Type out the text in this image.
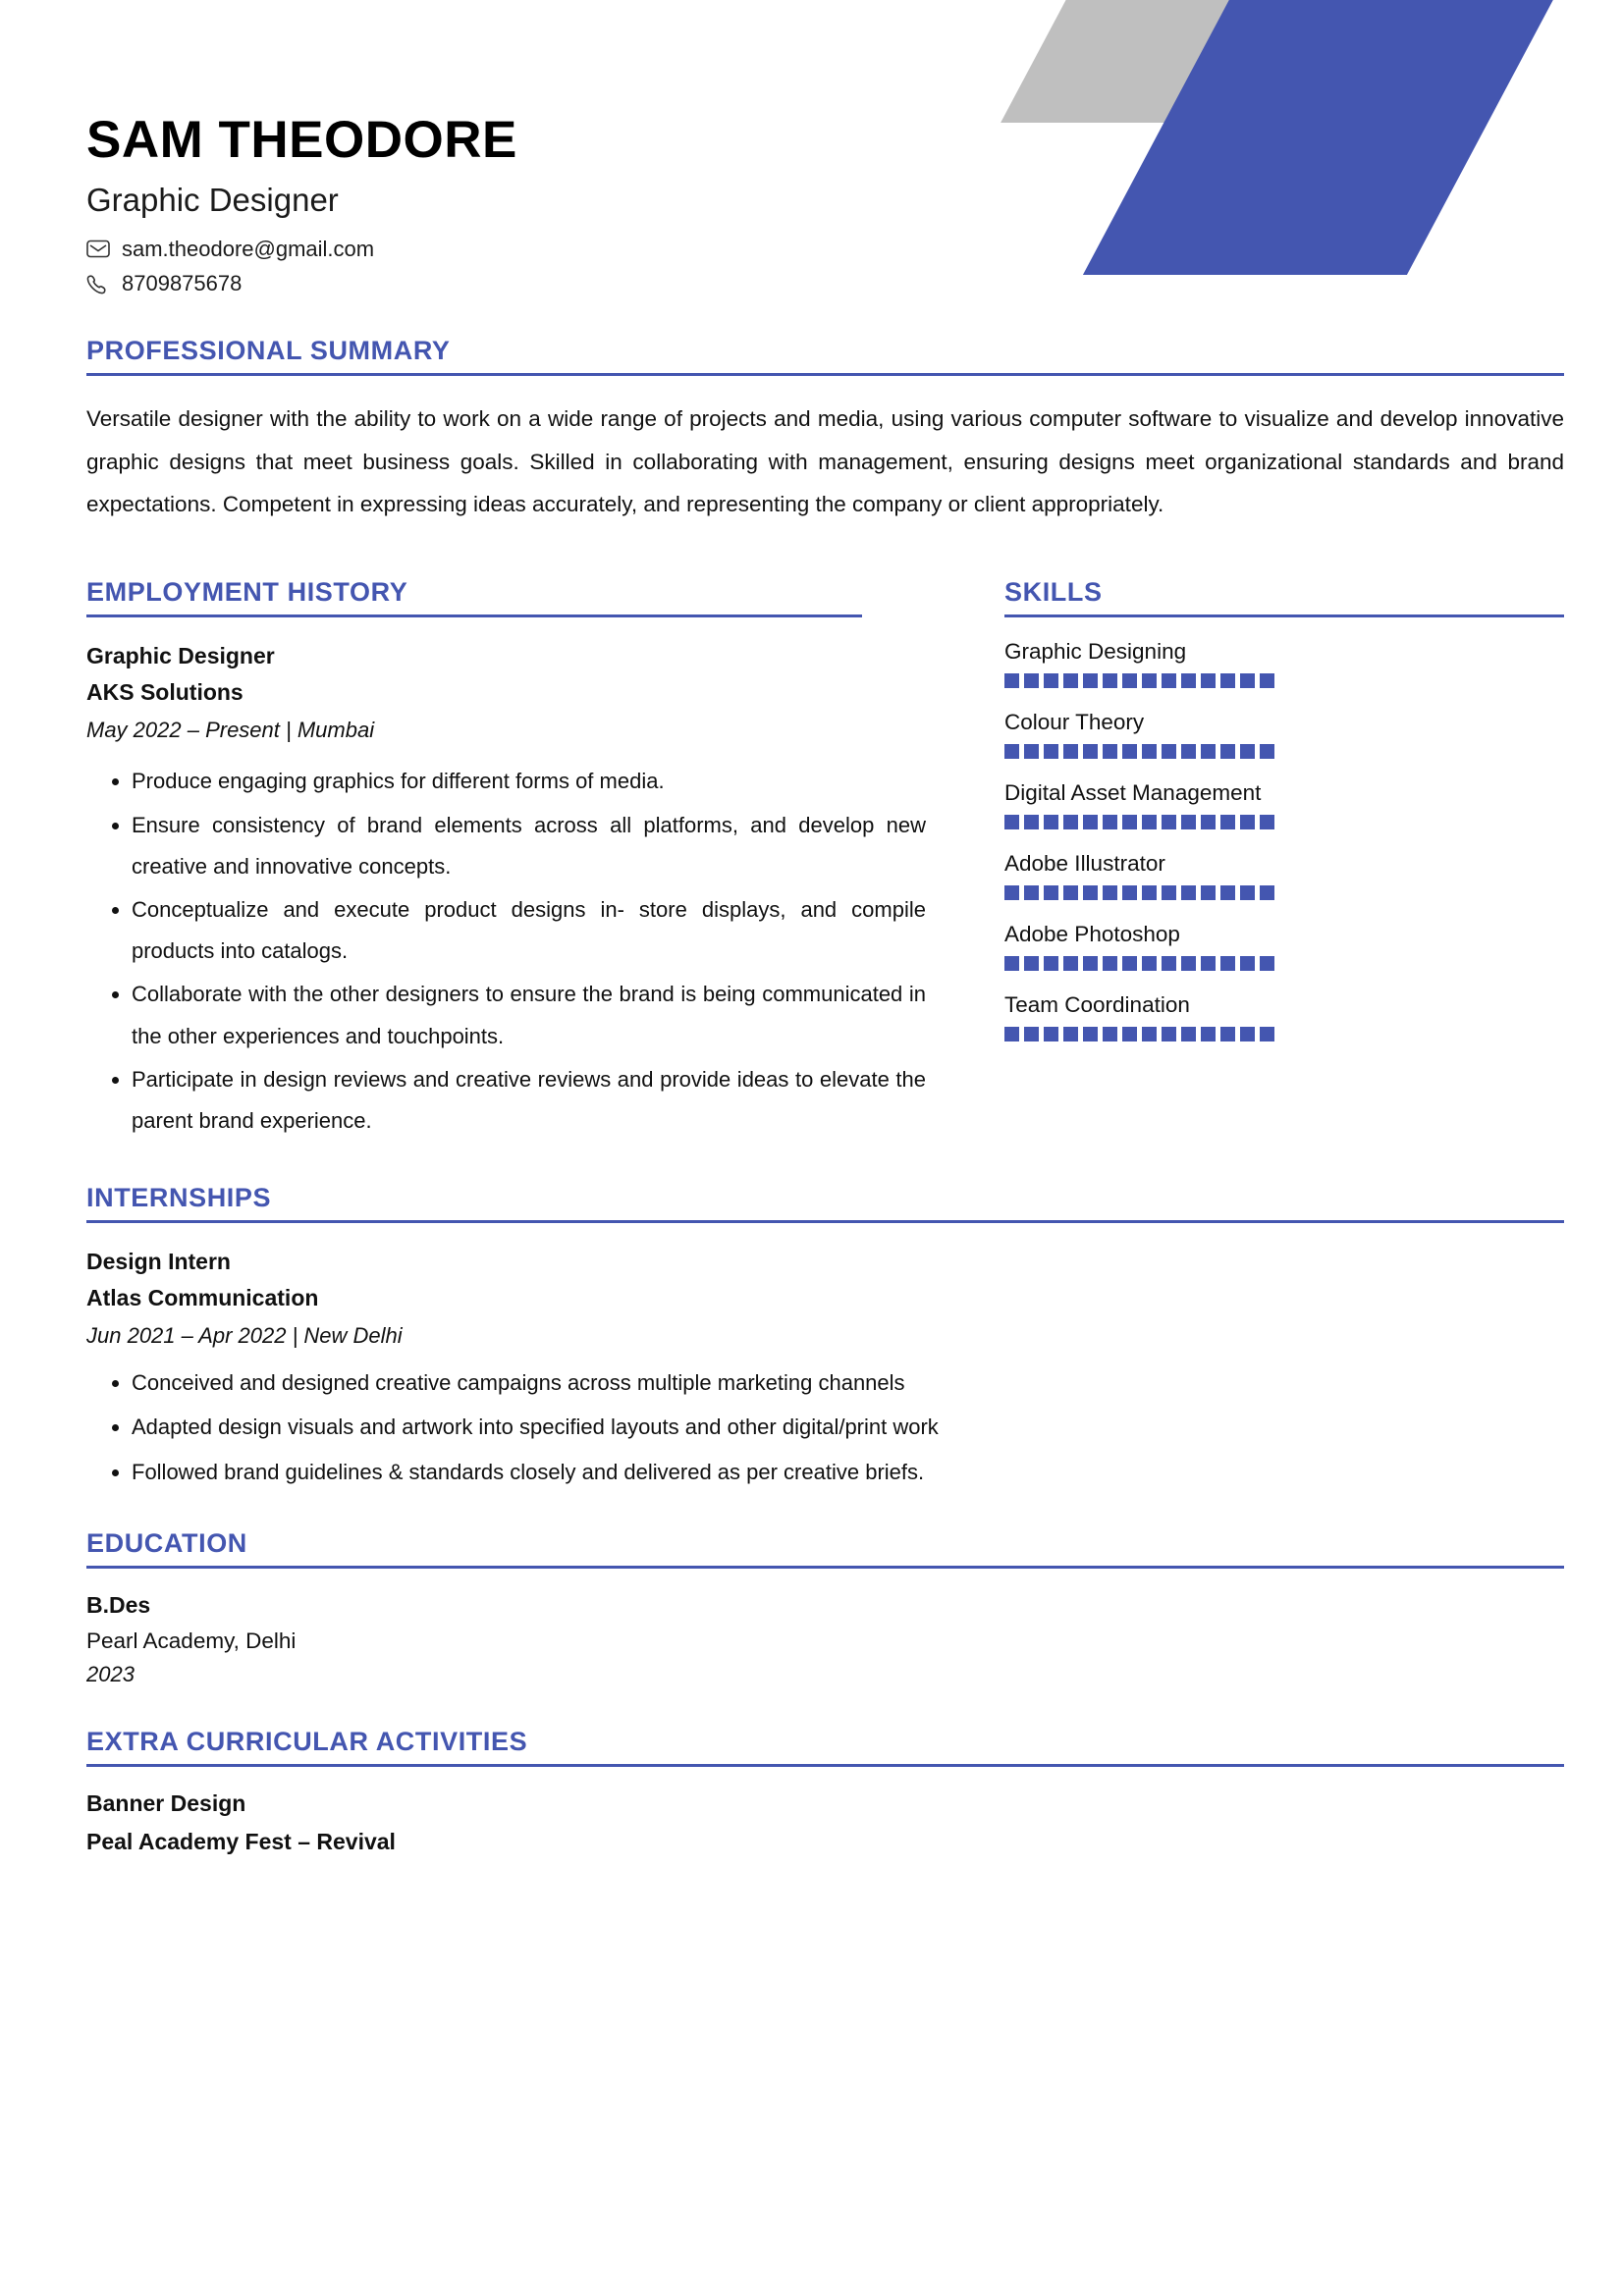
SAM THEODORE
Graphic Designer
sam.theodore@gmail.com
8709875678
PROFESSIONAL SUMMARY

Versatile designer with the ability to work on a wide range of projects and media, using various computer software to visualize and develop innovative graphic designs that meet business goals. Skilled in collaborating with management, ensuring designs meet organizational standards and brand expectations. Competent in expressing ideas accurately, and representing the company or client appropriately.

EMPLOYMENT HISTORY
Graphic Designer
AKS Solutions
May 2022 – Present | Mumbai
• Produce engaging graphics for different forms of media.
• Ensure consistency of brand elements across all platforms, and develop new creative and innovative concepts.
• Conceptualize and execute product designs in- store displays, and compile products into catalogs.
• Collaborate with the other designers to ensure the brand is being communicated in the other experiences and touchpoints.
• Participate in design reviews and creative reviews and provide ideas to elevate the parent brand experience.
SKILLS
Graphic Designing
Colour Theory
Digital Asset Management
Adobe Illustrator
Adobe Photoshop
Team Coordination
INTERNSHIPS
Design Intern
Atlas Communication
Jun 2021 – Apr 2022 | New Delhi
• Conceived and designed creative campaigns across multiple marketing channels
• Adapted design visuals and artwork into specified layouts and other digital/print work
• Followed brand guidelines & standards closely and delivered as per creative briefs.
EDUCATION
B.Des
Pearl Academy, Delhi
2023
EXTRA CURRICULAR ACTIVITIES
Banner Design
Peal Academy Fest – Revival
